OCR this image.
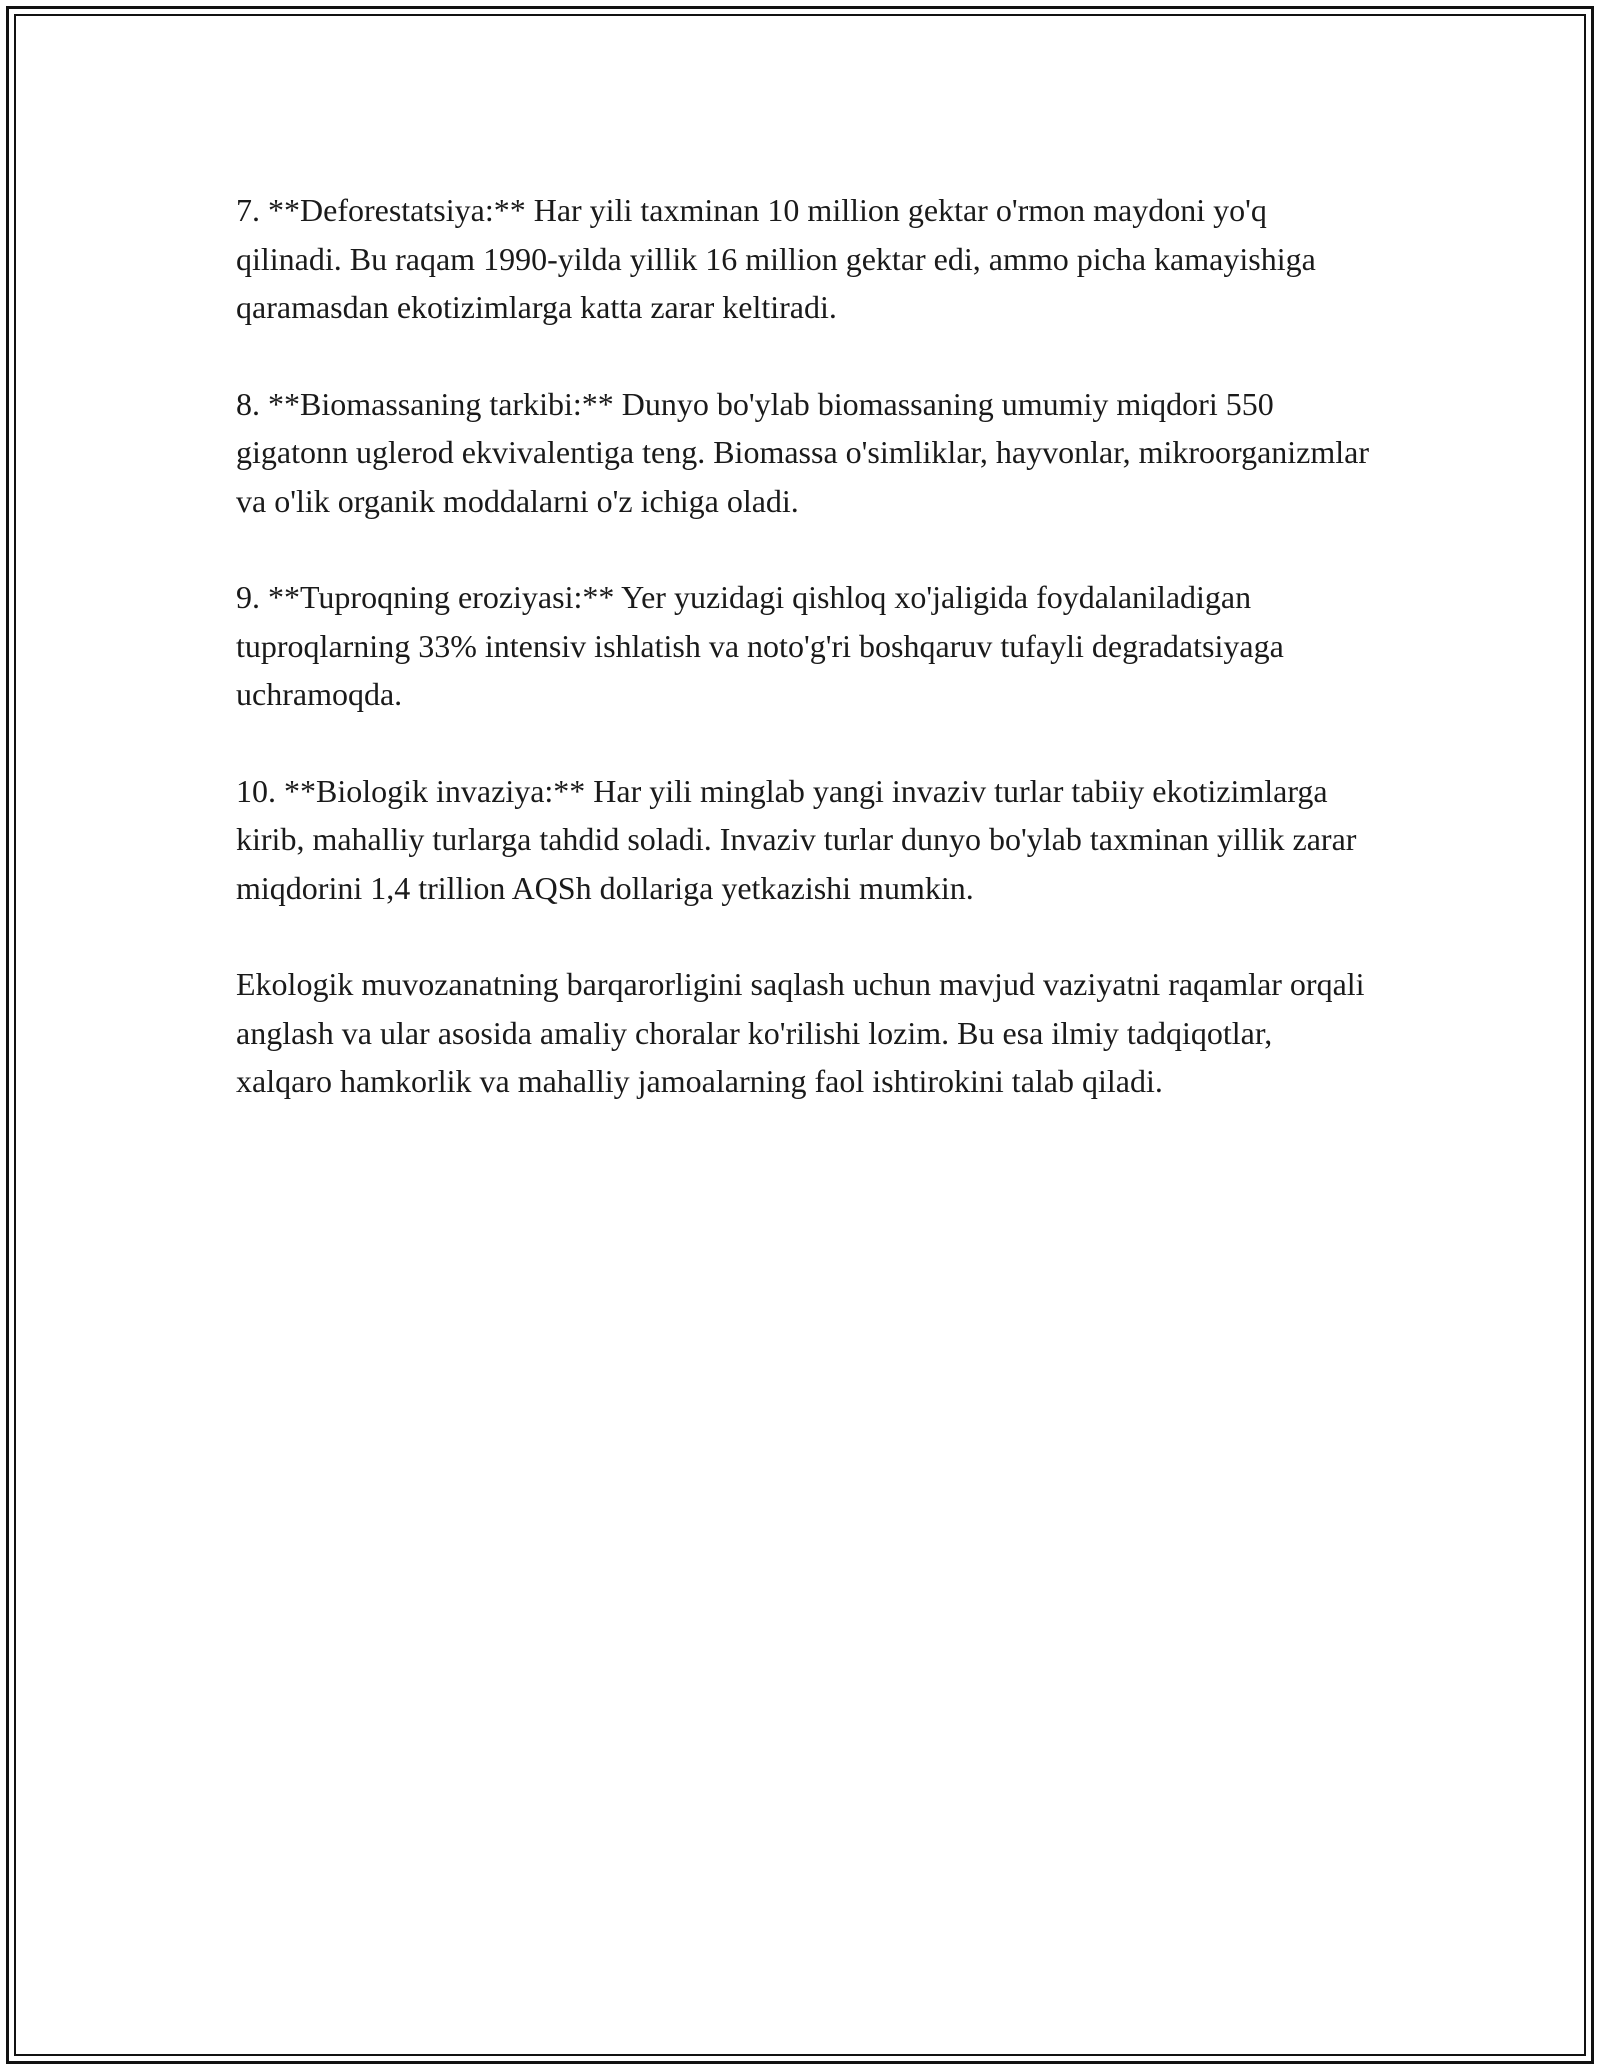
7. **Deforestatsiya:** Har yili taxminan 10 million gektar o'rmon maydoni yo'q qilinadi. Bu raqam 1990-yilda yillik 16 million gektar edi, ammo picha kamayishiga qaramasdan ekotizimlarga katta zarar keltiradi.

8. **Biomassaning tarkibi:** Dunyo bo'ylab biomassaning umumiy miqdori 550 gigatonn uglerod ekvivalentiga teng. Biomassa o'simliklar, hayvonlar, mikroorganizmlar va o'lik organik moddalarni o'z ichiga oladi.

9. **Tuproqning eroziyasi:** Yer yuzidagi qishloq xo'jaligida foydalaniladigan tuproqlarning 33% intensiv ishlatish va noto'g'ri boshqaruv tufayli degradatsiyaga uchramoqda.

10. **Biologik invaziya:** Har yili minglab yangi invaziv turlar tabiiy ekotizimlarga kirib, mahalliy turlarga tahdid soladi. Invaziv turlar dunyo bo'ylab taxminan yillik zarar miqdorini 1,4 trillion AQSh dollariga yetkazishi mumkin.

Ekologik muvozanatning barqarorligini saqlash uchun mavjud vaziyatni raqamlar orqali anglash va ular asosida amaliy choralar ko'rilishi lozim. Bu esa ilmiy tadqiqotlar, xalqaro hamkorlik va mahalliy jamoalarning faol ishtirokini talab qiladi.
